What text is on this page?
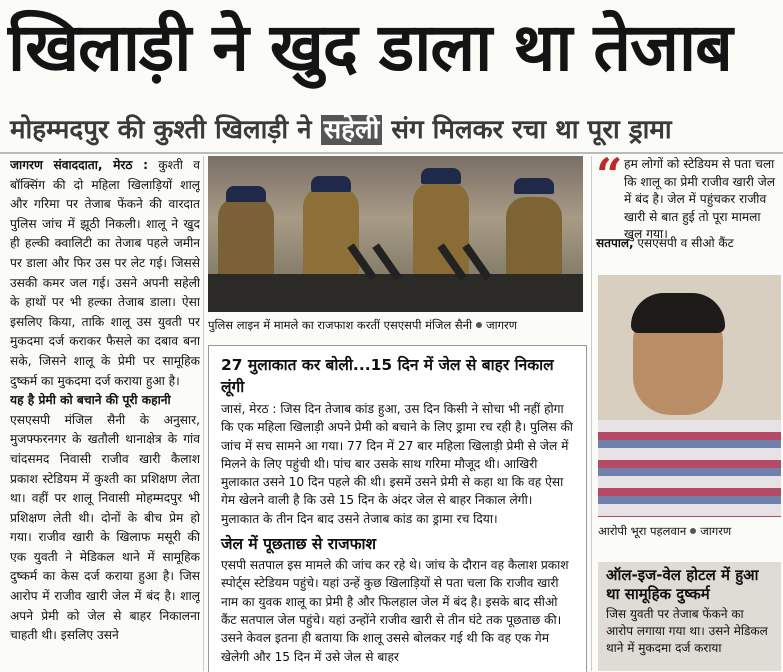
खिलाड़ी ने खुद डाला था तेजाब
मोहम्मदपुर की कुश्ती खिलाड़ी ने सहेली संग मिलकर रचा था पूरा ड्रामा

जागरण संवाददाता, मेरठ : कुश्ती व बॉक्सिंग की दो महिला खिलाड़ियों शालू और गरिमा पर तेजाब फेंकने की वारदात पुलिस जांच में झूठी निकली। शालू ने खुद ही हल्की क्वालिटी का तेजाब पहले जमीन पर डाला और फिर उस पर लेट गई। जिससे उसकी कमर जल गई। उसने अपनी सहेली के हाथों पर भी हल्का तेजाब डाला। ऐसा इसलिए किया, ताकि शालू उस युवती पर मुकदमा दर्ज कराकर फैसले का दबाव बना सके, जिसने शालू के प्रेमी पर सामूहिक दुष्कर्म का मुकदमा दर्ज कराया हुआ है।

यह है प्रेमी को बचाने की पूरी कहानी

एसएसपी मंजिल सैनी के अनुसार, मुजफ्फरनगर के खतौली थानाक्षेत्र के गांव चांदसमद निवासी राजीव खारी कैलाश प्रकाश स्टेडियम में कुश्ती का प्रशिक्षण लेता था। वहीं पर शालू निवासी मोहम्मदपुर भी प्रशिक्षण लेती थी। दोनों के बीच प्रेम हो गया। राजीव खारी के खिलाफ मसूरी की एक युवती ने मेडिकल थाने में सामूहिक दुष्कर्म का केस दर्ज कराया हुआ है। जिस आरोप में राजीव खारी जेल में बंद है। शालू अपने प्रेमी को जेल से बाहर निकालना चाहती थी। इसलिए उसने

पुलिस लाइन में मामले का राजफाश करतीं एसएसपी मंजिल सैनी जागरण
27 मुलाकात कर बोली...15 दिन में जेल से बाहर निकाल लूंगी

जासं, मेरठ : जिस दिन तेजाब कांड हुआ, उस दिन किसी ने सोचा भी नहीं होगा कि एक महिला खिलाड़ी अपने प्रेमी को बचाने के लिए ड्रामा रच रही है। पुलिस की जांच में सच सामने आ गया। 77 दिन में 27 बार महिला खिलाड़ी प्रेमी से जेल में मिलने के लिए पहुंची थी। पांच बार उसके साथ गरिमा मौजूद थी। आखिरी मुलाकात उसने 10 दिन पहले की थी। इसमें उसने प्रेमी से कहा था कि वह ऐसा गेम खेलने वाली है कि उसे 15 दिन के अंदर जेल से बाहर निकाल लेगी। मुलाकात के तीन दिन बाद उसने तेजाब कांड का ड्रामा रच दिया।

जेल में पूछताछ से राजफाश

एसपी सतपाल इस मामले की जांच कर रहे थे। जांच के दौरान वह कैलाश प्रकाश स्पोर्ट्स स्टेडियम पहुंचे। यहां उन्हें कुछ खिलाड़ियों से पता चला कि राजीव खारी नाम का युवक शालू का प्रेमी है और फिलहाल जेल में बंद है। इसके बाद सीओ कैंट सतपाल जेल पहुंचे। यहां उन्होंने राजीव खारी से तीन घंटे तक पूछताछ की। उसने केवल इतना ही बताया कि शालू उससे बोलकर गई थी कि वह एक गेम खेलेगी और 15 दिन में उसे जेल से बाहर

“ हम लोगों को स्टेडियम से पता चला कि शालू का प्रेमी राजीव खारी जेल में बंद है। जेल में पहुंचकर राजीव खारी से बात हुई तो पूरा मामला खुल गया।
सतपाल, एसएसपी व सीओ कैंट
आरोपी भूरा पहलवान जागरण
ऑल-इज-वेल होटल में हुआ था सामूहिक दुष्कर्म

जिस युवती पर तेजाब फेंकने का आरोप लगाया गया था। उसने मेडिकल थाने में मुकदमा दर्ज कराया
